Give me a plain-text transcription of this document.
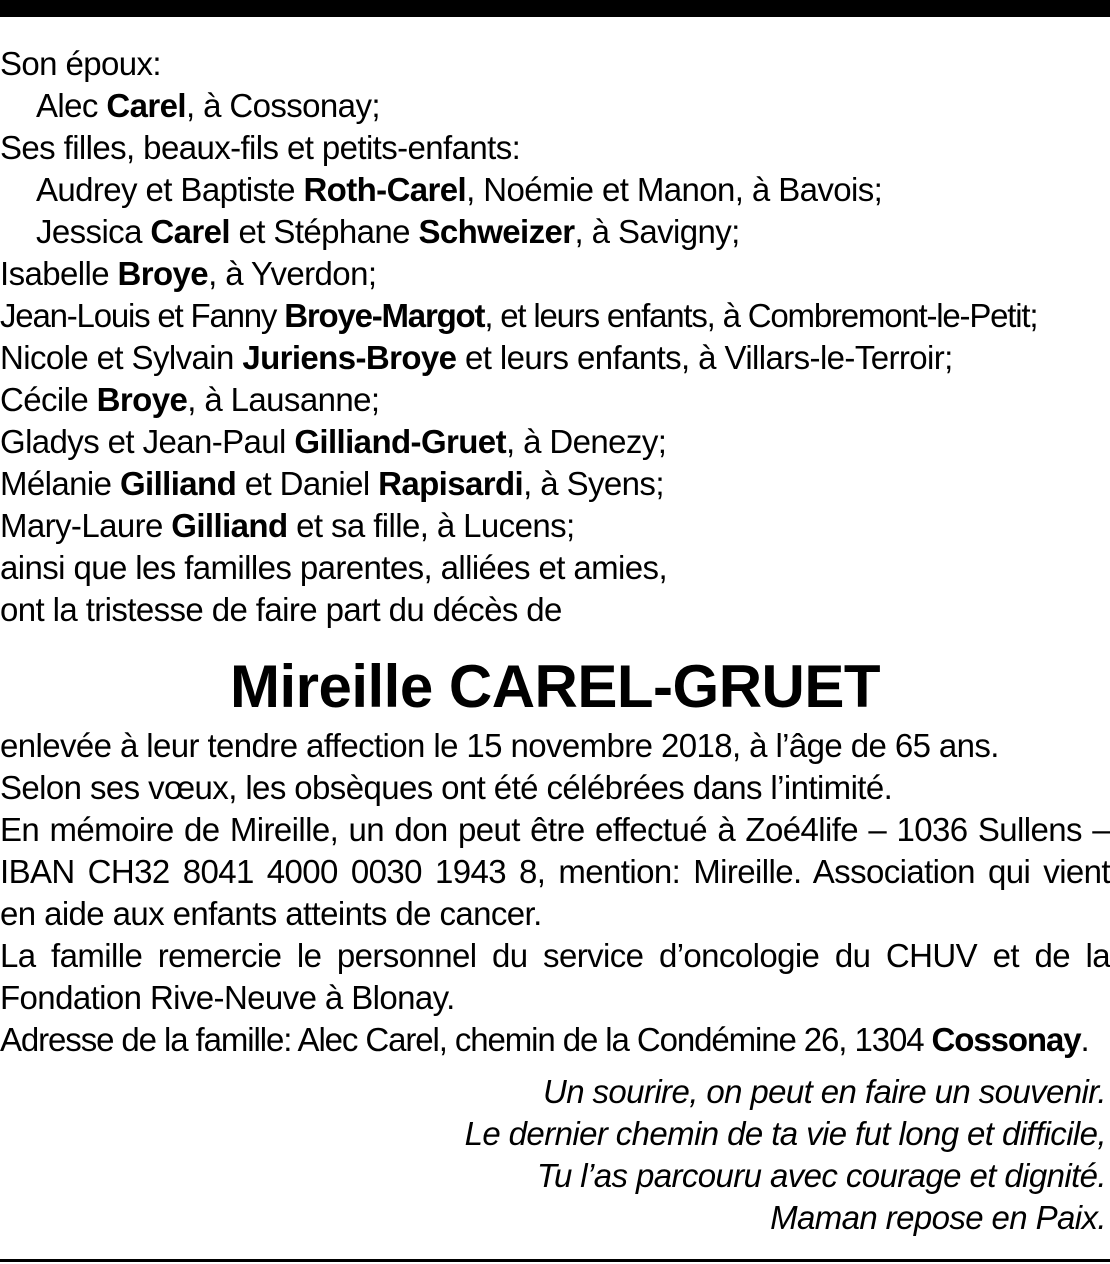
Son époux:
Alec Carel, à Cossonay;
Ses filles, beaux-fils et petits-enfants:
Audrey et Baptiste Roth-Carel, Noémie et Manon, à Bavois;
Jessica Carel et Stéphane Schweizer, à Savigny;
Isabelle Broye, à Yverdon;
Jean-Louis et Fanny Broye-Margot, et leurs enfants, à Combremont-le-Petit;
Nicole et Sylvain Juriens-Broye et leurs enfants, à Villars-le-Terroir;
Cécile Broye, à Lausanne;
Gladys et Jean-Paul Gilliand-Gruet, à Denezy;
Mélanie Gilliand et Daniel Rapisardi, à Syens;
Mary-Laure Gilliand et sa fille, à Lucens;
ainsi que les familles parentes, alliées et amies,
ont la tristesse de faire part du décès de
Mireille CAREL-GRUET
enlevée à leur tendre affection le 15 novembre 2018, à l’âge de 65 ans.
Selon ses vœux, les obsèques ont été célébrées dans l’intimité.
En mémoire de Mireille, un don peut être effectué à Zoé4life – 1036 Sullens –
IBAN CH32 8041 4000 0030 1943 8, mention: Mireille. Association qui vient
en aide aux enfants atteints de cancer.
La famille remercie le personnel du service d’oncologie du CHUV et de la
Fondation Rive-Neuve à Blonay.
Adresse de la famille: Alec Carel, chemin de la Condémine 26, 1304 Cossonay.
Un sourire, on peut en faire un souvenir.
Le dernier chemin de ta vie fut long et difficile,
Tu l’as parcouru avec courage et dignité.
Maman repose en Paix.
